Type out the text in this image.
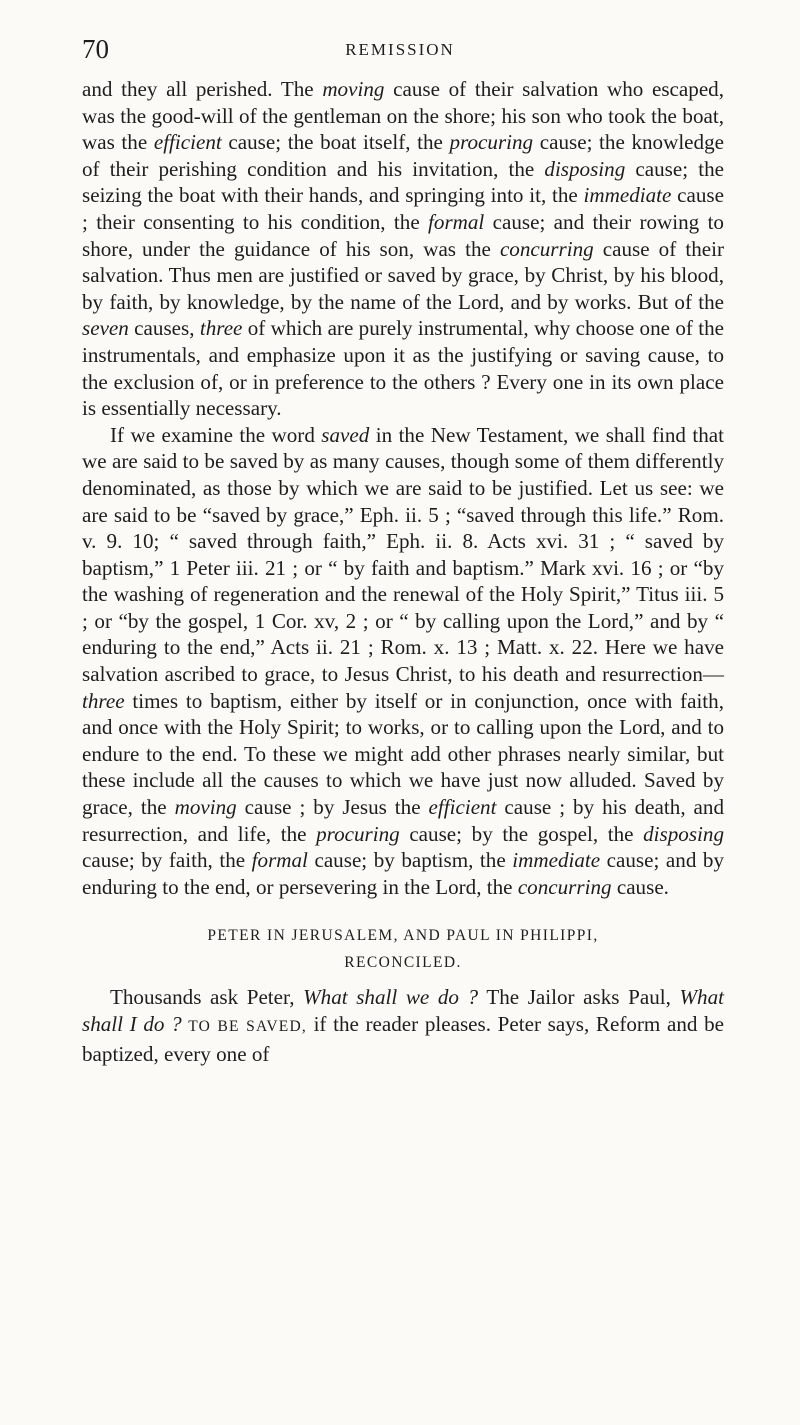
70	REMISSION

and they all perished. The moving cause of their salvation who escaped, was the good-will of the gentleman on the shore; his son who took the boat, was the efficient cause; the boat itself, the procuring cause; the knowledge of their perishing condition and his invitation, the disposing cause; the seizing the boat with their hands, and springing into it, the immediate cause ; their consenting to his condition, the formal cause; and their rowing to shore, under the guidance of his son, was the concurring cause of their salvation. Thus men are justified or saved by grace, by Christ, by his blood, by faith, by knowledge, by the name of the Lord, and by works. But of the seven causes, three of which are purely instrumental, why choose one of the instrumentals, and emphasize upon it as the justifying or saving cause, to the exclusion of, or in preference to the others ? Every one in its own place is essentially necessary.

If we examine the word saved in the New Testament, we shall find that we are said to be saved by as many causes, though some of them differently denominated, as those by which we are said to be justified. Let us see: we are said to be “saved by grace,” Eph. ii. 5 ; “saved through this life.” Rom. v. 9. 10; “ saved through faith,” Eph. ii. 8. Acts xvi. 31 ; “ saved by baptism,” 1 Peter iii. 21 ; or “ by faith and baptism.” Mark xvi. 16 ; or “by the washing of regeneration and the renewal of the Holy Spirit,” Titus iii. 5 ; or “by the gospel, 1 Cor. xv, 2 ; or “ by calling upon the Lord,” and by “ enduring to the end,” Acts ii. 21 ; Rom. x. 13 ; Matt. x. 22. Here we have salvation ascribed to grace, to Jesus Christ, to his death and resurrection—three times to baptism, either by itself or in conjunction, once with faith, and once with the Holy Spirit; to works, or to calling upon the Lord, and to endure to the end. To these we might add other phrases nearly similar, but these include all the causes to which we have just now alluded. Saved by grace, the moving cause ; by Jesus the efficient cause ; by his death, and resurrection, and life, the procuring cause; by the gospel, the disposing cause; by faith, the formal cause; by baptism, the immediate cause; and by enduring to the end, or persevering in the Lord, the concurring cause.

PETER IN JERUSALEM, AND PAUL IN PHILIPPI,
RECONCILED.

Thousands ask Peter, What shall we do ? The Jailor asks Paul, What shall I do ? TO BE SAVED, if the reader pleases. Peter says, Reform and be baptized, every one of
